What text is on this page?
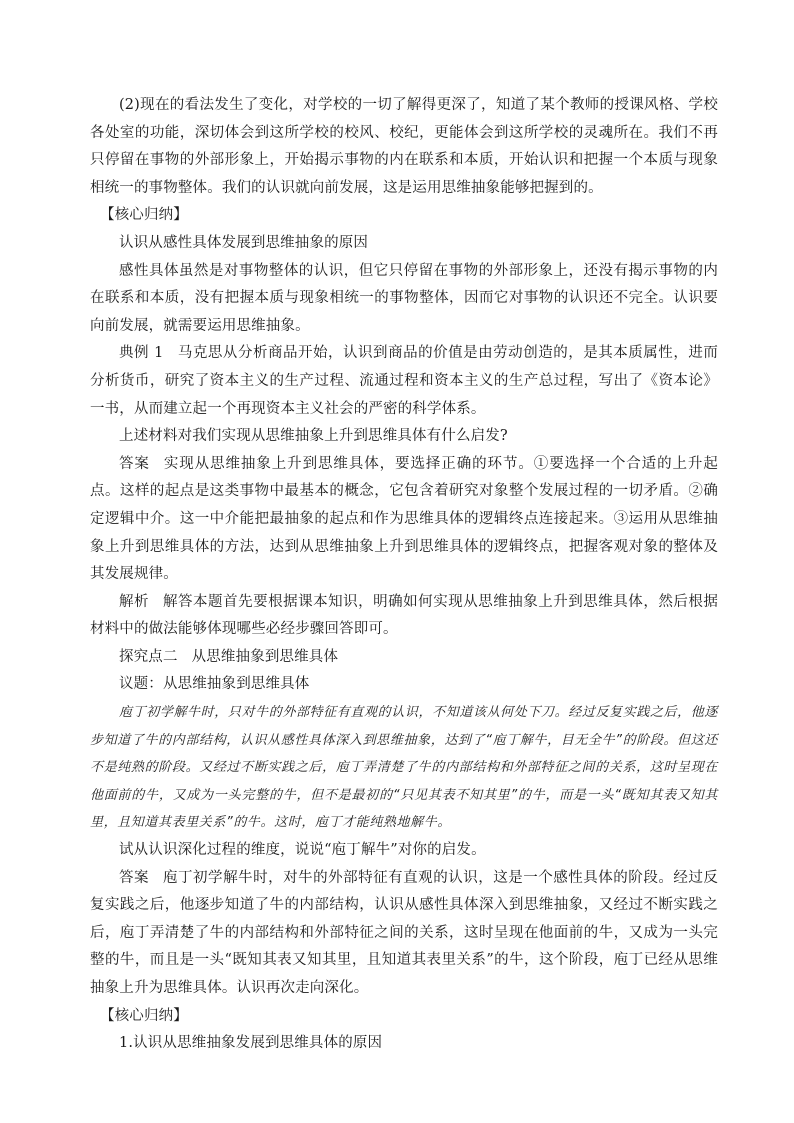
(2)现在的看法发生了变化，对学校的一切了解得更深了，知道了某个教师的授课风格、学校各处室的功能，深切体会到这所学校的校风、校纪，更能体会到这所学校的灵魂所在。我们不再只停留在事物的外部形象上，开始揭示事物的内在联系和本质，开始认识和把握一个本质与现象相统一的事物整体。我们的认识就向前发展，这是运用思维抽象能够把握到的。

【核心归纳】

认识从感性具体发展到思维抽象的原因

感性具体虽然是对事物整体的认识，但它只停留在事物的外部形象上，还没有揭示事物的内在联系和本质，没有把握本质与现象相统一的事物整体，因而它对事物的认识还不完全。认识要向前发展，就需要运用思维抽象。

典例 1 马克思从分析商品开始，认识到商品的价值是由劳动创造的，是其本质属性，进而分析货币，研究了资本主义的生产过程、流通过程和资本主义的生产总过程，写出了《资本论》一书，从而建立起一个再现资本主义社会的严密的科学体系。

上述材料对我们实现从思维抽象上升到思维具体有什么启发?

答案 实现从思维抽象上升到思维具体，要选择正确的环节。①要选择一个合适的上升起点。这样的起点是这类事物中最基本的概念，它包含着研究对象整个发展过程的一切矛盾。②确定逻辑中介。这一中介能把最抽象的起点和作为思维具体的逻辑终点连接起来。③运用从思维抽象上升到思维具体的方法，达到从思维抽象上升到思维具体的逻辑终点，把握客观对象的整体及其发展规律。

解析 解答本题首先要根据课本知识，明确如何实现从思维抽象上升到思维具体，然后根据材料中的做法能够体现哪些必经步骤回答即可。

探究点二 从思维抽象到思维具体

议题：从思维抽象到思维具体

庖丁初学解牛时，只对牛的外部特征有直观的认识，不知道该从何处下刀。经过反复实践之后，他逐步知道了牛的内部结构，认识从感性具体深入到思维抽象，达到了“庖丁解牛，目无全牛”的阶段。但这还不是纯熟的阶段。又经过不断实践之后，庖丁弄清楚了牛的内部结构和外部特征之间的关系，这时呈现在他面前的牛，又成为一头完整的牛，但不是最初的“只见其表不知其里”的牛，而是一头“既知其表又知其里，且知道其表里关系”的牛。这时，庖丁才能纯熟地解牛。

试从认识深化过程的维度，说说“庖丁解牛”对你的启发。

答案 庖丁初学解牛时，对牛的外部特征有直观的认识，这是一个感性具体的阶段。经过反复实践之后，他逐步知道了牛的内部结构，认识从感性具体深入到思维抽象，又经过不断实践之后，庖丁弄清楚了牛的内部结构和外部特征之间的关系，这时呈现在他面前的牛，又成为一头完整的牛，而且是一头“既知其表又知其里，且知道其表里关系”的牛，这个阶段，庖丁已经从思维抽象上升为思维具体。认识再次走向深化。

【核心归纳】

1.认识从思维抽象发展到思维具体的原因
